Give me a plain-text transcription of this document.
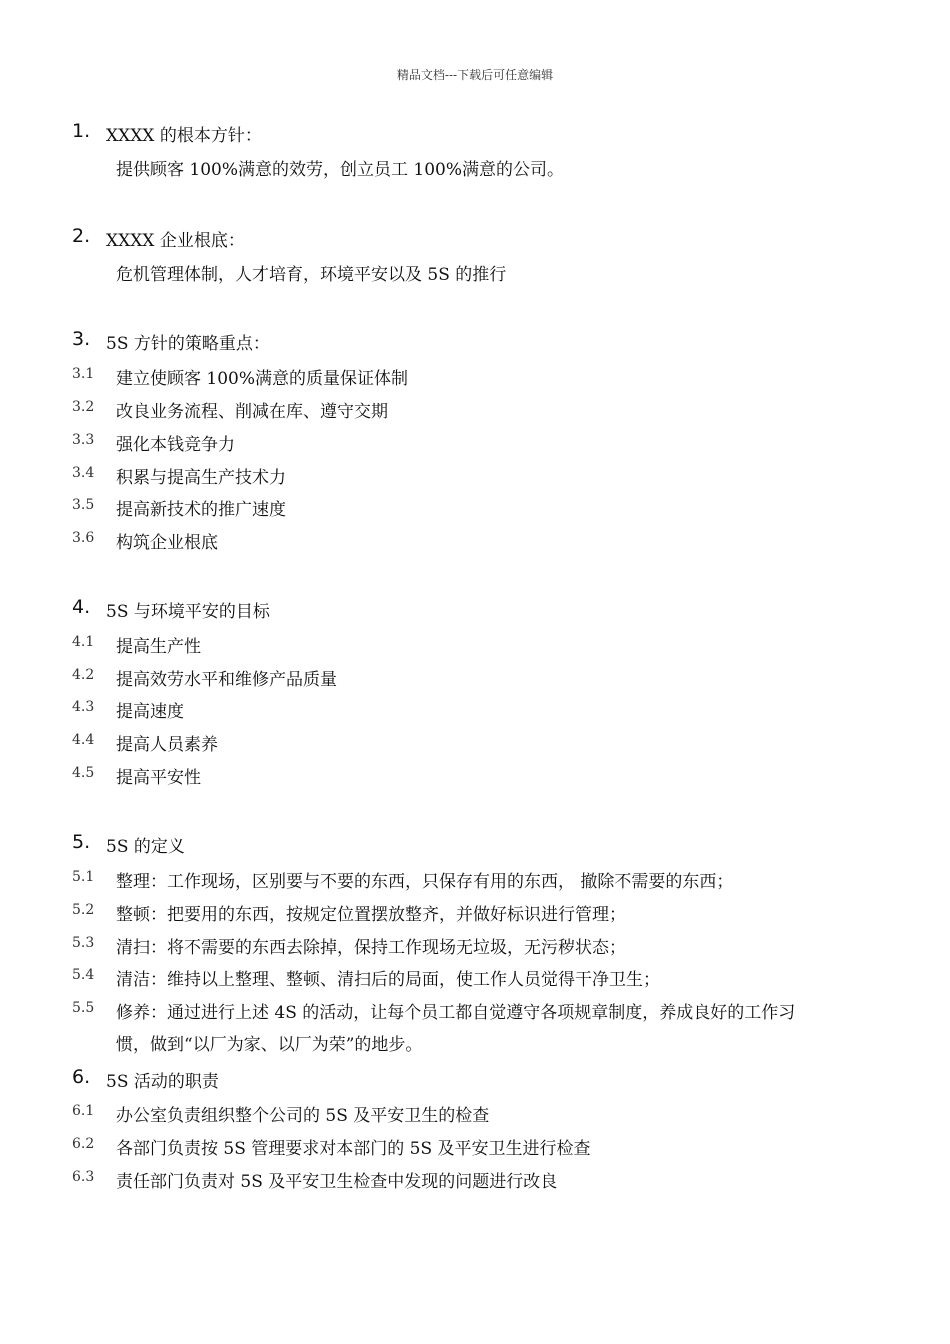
精品文档---下载后可任意编辑
1. XXXX 的根本方针：
提供顾客 100%满意的效劳，创立员工 100%满意的公司。
2. XXXX 企业根底：
危机管理体制，人才培育，环境平安以及 5S 的推行
3. 5S 方针的策略重点：
3.1 建立使顾客 100%满意的质量保证体制
3.2 改良业务流程、削减在库、遵守交期
3.3 强化本钱竞争力
3.4 积累与提高生产技术力
3.5 提高新技术的推广速度
3.6 构筑企业根底
4. 5S 与环境平安的目标
4.1 提高生产性
4.2 提高效劳水平和维修产品质量
4.3 提高速度
4.4 提高人员素养
4.5 提高平安性
5. 5S 的定义
5.1 整理：工作现场，区别要与不要的东西，只保存有用的东西， 撤除不需要的东西；
5.2 整顿：把要用的东西，按规定位置摆放整齐，并做好标识进行管理；
5.3 清扫：将不需要的东西去除掉，保持工作现场无垃圾，无污秽状态；
5.4 清洁：维持以上整理、整顿、清扫后的局面，使工作人员觉得干净卫生；
5.5 修养：通过进行上述 4S 的活动，让每个员工都自觉遵守各项规章制度，养成良好的工作习
惯，做到“以厂为家、以厂为荣”的地步。
6. 5S 活动的职责
6.1 办公室负责组织整个公司的 5S 及平安卫生的检查
6.2 各部门负责按 5S 管理要求对本部门的 5S 及平安卫生进行检查
6.3 责任部门负责对 5S 及平安卫生检查中发现的问题进行改良
